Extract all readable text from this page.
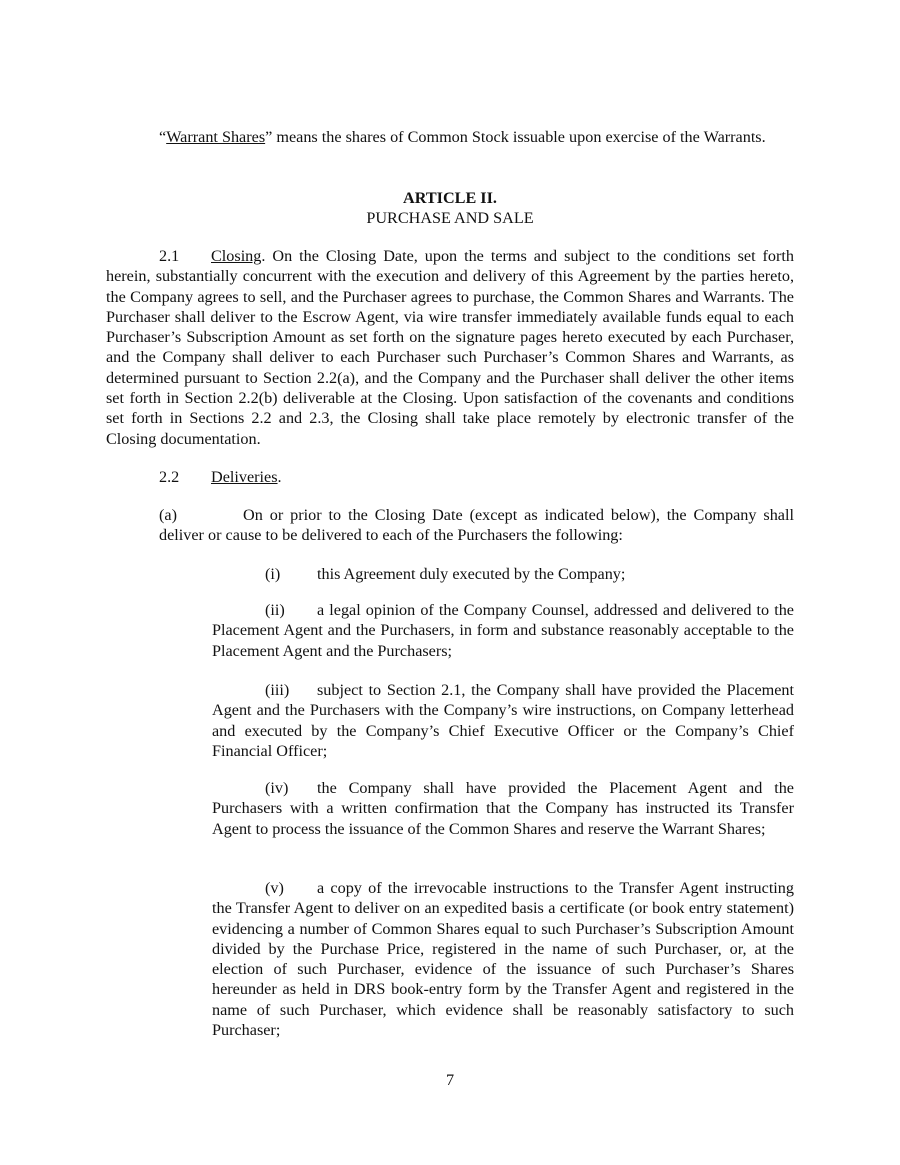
“Warrant Shares” means the shares of Common Stock issuable upon exercise of the Warrants.

ARTICLE II.

PURCHASE AND SALE

2.1 Closing. On the Closing Date, upon the terms and subject to the conditions set forth herein, substantially concurrent with the execution and delivery of this Agreement by the parties hereto, the Company agrees to sell, and the Purchaser agrees to purchase, the Common Shares and Warrants. The Purchaser shall deliver to the Escrow Agent, via wire transfer immediately available funds equal to each Purchaser’s Subscription Amount as set forth on the signature pages hereto executed by each Purchaser, and the Company shall deliver to each Purchaser such Purchaser’s Common Shares and Warrants, as determined pursuant to Section 2.2(a), and the Company and the Purchaser shall deliver the other items set forth in Section 2.2(b) deliverable at the Closing. Upon satisfaction of the covenants and conditions set forth in Sections 2.2 and 2.3, the Closing shall take place remotely by electronic transfer of the Closing documentation.

2.2 Deliveries.

(a)	On or prior to the Closing Date (except as indicated below), the Company shall deliver or cause to be delivered to each of the Purchasers the following:

(i) this Agreement duly executed by the Company;

(ii) a legal opinion of the Company Counsel, addressed and delivered to the Placement Agent and the Purchasers, in form and substance reasonably acceptable to the Placement Agent and the Purchasers;

(iii) subject to Section 2.1, the Company shall have provided the Placement Agent and the Purchasers with the Company’s wire instructions, on Company letterhead and executed by the Company’s Chief Executive Officer or the Company’s Chief Financial Officer;

(iv) the Company shall have provided the Placement Agent and the Purchasers with a written confirmation that the Company has instructed its Transfer Agent to process the issuance of the Common Shares and reserve the Warrant Shares;

(v) a copy of the irrevocable instructions to the Transfer Agent instructing the Transfer Agent to deliver on an expedited basis a certificate (or book entry statement) evidencing a number of Common Shares equal to such Purchaser’s Subscription Amount divided by the Purchase Price, registered in the name of such Purchaser, or, at the election of such Purchaser, evidence of the issuance of such Purchaser’s Shares hereunder as held in DRS book-entry form by the Transfer Agent and registered in the name of such Purchaser, which evidence shall be reasonably satisfactory to such Purchaser;

7
